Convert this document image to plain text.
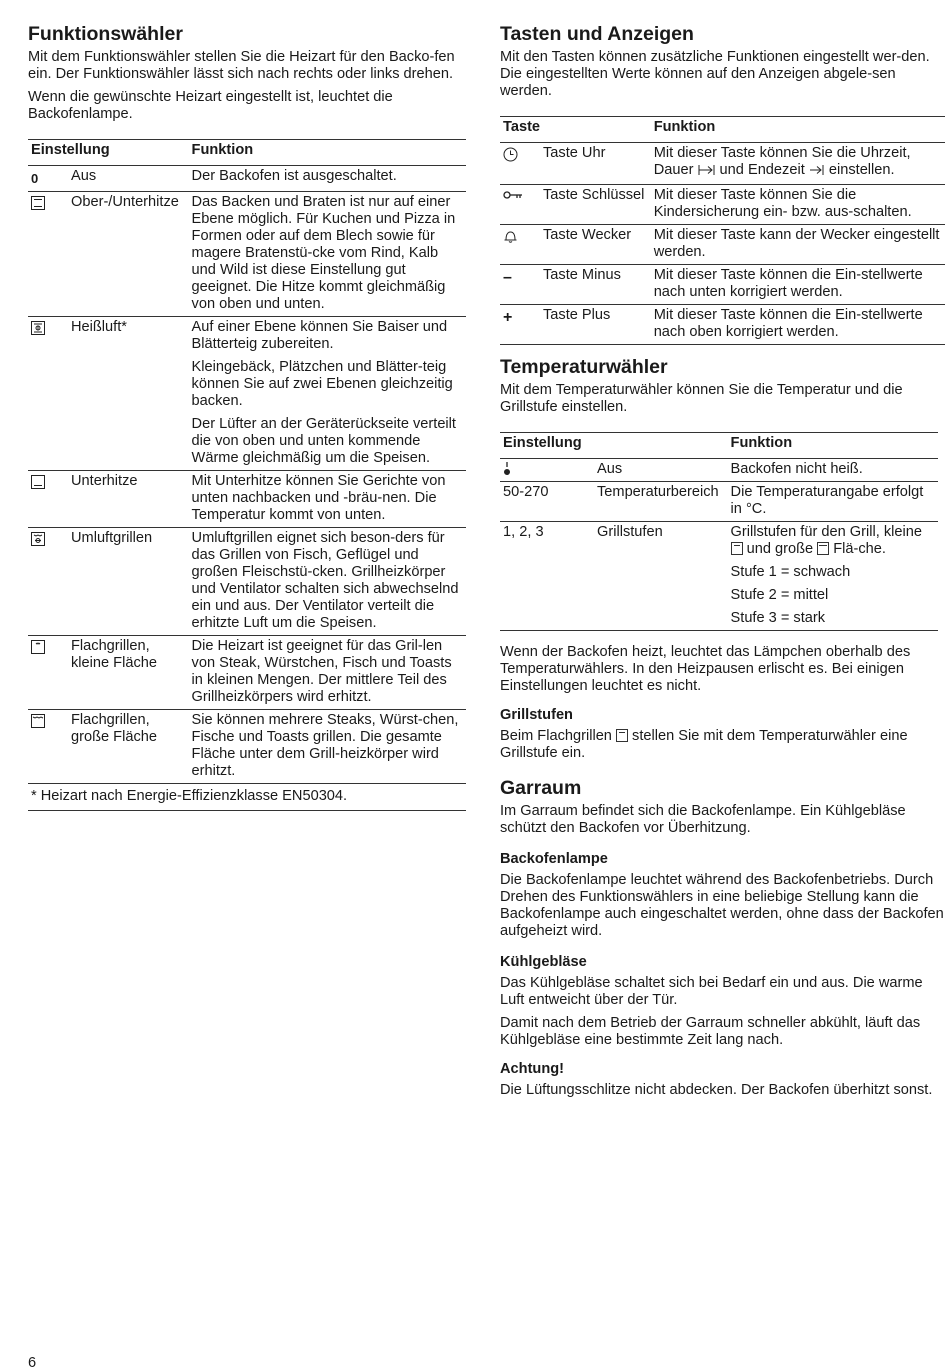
Funktionswähler

Mit dem Funktionswähler stellen Sie die Heizart für den Backo-fen ein. Der Funktionswähler lässt sich nach rechts oder links drehen.

Wenn die gewünschte Heizart eingestellt ist, leuchtet die Backofenlampe.

Einstellung		Funktion
0	Aus	Der Backofen ist ausgeschaltet.

	Ober-/Unterhitze	Das Backen und Braten ist nur auf einer Ebene möglich. Für Kuchen und Pizza in Formen oder auf dem Blech sowie für magere Bratenstü-cke vom Rind, Kalb und Wild ist diese Einstellung gut geeignet. Die Hitze kommt gleichmäßig von oben und unten.

	Heißluft*	Auf einer Ebene können Sie Baiser und Blätterteig zubereiten.

Kleingebäck, Plätzchen und Blätter-teig können Sie auf zwei Ebenen gleichzeitig backen.

Der Lüfter an der Geräterückseite verteilt die von oben und unten kommende Wärme gleichmäßig um die Speisen.

	Unterhitze	Mit Unterhitze können Sie Gerichte von unten nachbacken und -bräu-nen. Die Temperatur kommt von unten.

	Umluftgrillen	Umluftgrillen eignet sich beson-ders für das Grillen von Fisch, Geflügel und großen Fleischstü-cken. Grillheizkörper und Ventilator schalten sich abwechselnd ein und aus. Der Ventilator verteilt die erhitzte Luft um die Speisen.

	Flachgrillen, kleine Fläche	Die Heizart ist geeignet für das Gril-len von Steak, Würstchen, Fisch und Toasts in kleinen Mengen. Der mittlere Teil des Grillheizkörpers wird erhitzt.

	Flachgrillen, große Fläche	Sie können mehrere Steaks, Würst-chen, Fische und Toasts grillen. Die gesamte Fläche unter dem Grill-heizkörper wird erhitzt.

* Heizart nach Energie-Effizienzklasse EN50304.
Tasten und Anzeigen

Mit den Tasten können zusätzliche Funktionen eingestellt wer-den. Die eingestellten Werte können auf den Anzeigen abgele-sen werden.

Taste		Funktion
	Taste Uhr	Mit dieser Taste können Sie die Uhrzeit, Dauer  und Endezeit  einstellen.
	Taste Schlüssel	Mit dieser Taste können Sie die Kindersicherung ein- bzw. aus-schalten.
	Taste Wecker	Mit dieser Taste kann der Wecker eingestellt werden.
–	Taste Minus	Mit dieser Taste können die Ein-stellwerte nach unten korrigiert werden.
+	Taste Plus	Mit dieser Taste können die Ein-stellwerte nach oben korrigiert werden.
Temperaturwähler

Mit dem Temperaturwähler können Sie die Temperatur und die Grillstufe einstellen.

Einstellung		Funktion
	Aus	Backofen nicht heiß.
50-270	Temperaturbereich	Die Temperaturangabe erfolgt in °C.
1, 2, 3	Grillstufen	Grillstufen für den Grill, kleine  und große  Flä-che.

Stufe 1 = schwach

Stufe 2 = mittel

Stufe 3 = stark

Wenn der Backofen heizt, leuchtet das Lämpchen oberhalb des Temperaturwählers. In den Heizpausen erlischt es. Bei einigen Einstellungen leuchtet es nicht.

Grillstufen

Beim Flachgrillen  stellen Sie mit dem Temperaturwähler eine Grillstufe ein.

Garraum

Im Garraum befindet sich die Backofenlampe. Ein Kühlgebläse schützt den Backofen vor Überhitzung.

Backofenlampe

Die Backofenlampe leuchtet während des Backofenbetriebs. Durch Drehen des Funktionswählers in eine beliebige Stellung kann die Backofenlampe auch eingeschaltet werden, ohne dass der Backofen aufgeheizt wird.

Kühlgebläse

Das Kühlgebläse schaltet sich bei Bedarf ein und aus. Die warme Luft entweicht über der Tür.

Damit nach dem Betrieb der Garraum schneller abkühlt, läuft das Kühlgebläse eine bestimmte Zeit lang nach.

Achtung!

Die Lüftungsschlitze nicht abdecken. Der Backofen überhitzt sonst.

6
